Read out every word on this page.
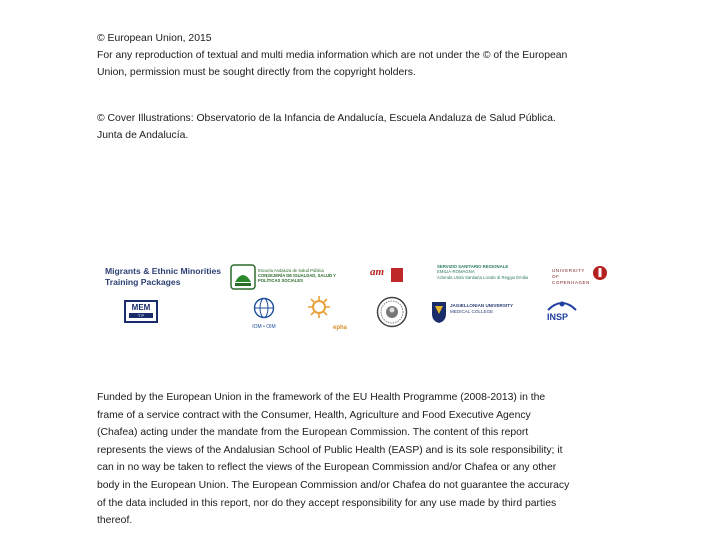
© European Union, 2015
For any reproduction of textual and multi media information which are not under the © of the European
Union, permission must be sought directly from the copyright holders.
© Cover Illustrations: Observatorio de la Infancia de Andalucía, Escuela Andaluza de Salud Pública.
Junta de Andalucía.
Migrants & Ethnic Minorities
Training Packages
MEM
T P
Escuela Andaluza de Salud Pública
CONSEJERÍA DE IGUALDAD, SALUD Y POLÍTICAS SOCIALES
IOM • OIM	epha
am	SERVIZIO SANITARIO REGIONALE
EMILIA-ROMAGNA
Azienda Unità Sanitaria Locale di Reggio Emilia
JAGIELLONIAN UNIVERSITY
MEDICAL COLLEGE
UNIVERSITY OF
COPENHAGEN
INSP
Funded by the European Union in the framework of the EU Health Programme (2008-2013) in the
frame of a service contract with the Consumer, Health, Agriculture and Food Executive Agency
(Chafea) acting under the mandate from the European Commission. The content of this report
represents the views of the Andalusian School of Public Health (EASP) and is its sole responsibility; it
can in no way be taken to reflect the views of the European Commission and/or Chafea or any other
body in the European Union. The European Commission and/or Chafea do not guarantee the accuracy
of the data included in this report, nor do they accept responsibility for any use made by third parties
thereof.
